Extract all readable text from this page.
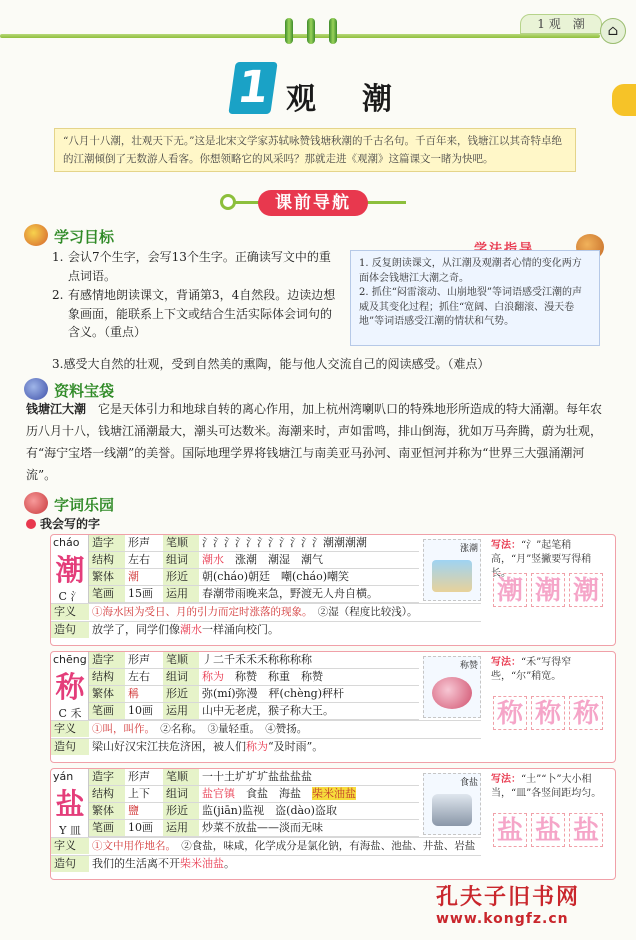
1 观　潮	⌂
1 观　潮
“八月十八潮，壮观天下无。”这是北宋文学家苏轼咏赞钱塘秋潮的千古名句。千百年来，钱塘江以其奇特卓绝的江潮倾倒了无数游人看客。你想领略它的风采吗？那就走进《观潮》这篇课文一睹为快吧。
课前导航
学习目标
1. 会认7个生字，会写13个生字。正确读写文中的重点词语。
2. 有感情地朗读课文，背诵第3，4自然段。边读边想象画面，能联系上下文或结合生活实际体会词句的含义。（重点）
3.感受大自然的壮观，受到自然美的熏陶，能与他人交流自己的阅读感受。（难点）
1. 反复朗读课文，从江潮及观潮者心情的变化两方面体会钱塘江大潮之奇。
2. 抓住“闷雷滚动、山崩地裂”等词语感受江潮的声威及其变化过程；抓住“宽阔、白浪翻滚、漫天卷地”等词语感受江潮的情状和气势。
资料宝袋
钱塘江大潮　 它是天体引力和地球自转的离心作用，加上杭州湾喇叭口的特殊地形所造成的特大涌潮。每年农历八月十八，钱塘江涌潮最大，潮头可达数米。海潮来时，声如雷鸣，排山倒海，犹如万马奔腾，蔚为壮观，有“海宁宝塔一线潮”的美誉。国际地理学界将钱塘江与南美亚马孙河、南亚恒河并称为“世界三大强涌潮河流”。
字词乐园
我会写的字
cháo
潮
C 氵
造字	形声	笔顺	氵氵氵氵氵氵氵氵氵氵氵潮潮潮潮
结构	左右	组词	潮水　 涨潮　 潮湿　 潮气
繁体	潮	形近	朝(cháo)朝廷　嘲(cháo)嘲笑
笔画	15画	运用	春潮带雨晚来急，野渡无人舟自横。
字义	①海水因为受日、月的引力而定时涨落的现象。　 ②湿（程度比较浅）。
造句	放学了，同学们像潮水一样涌向校门。
涨潮 写法：“氵”起笔稍高，“月”竖撇要写得稍长。
潮 潮 潮
chēng
称
C 禾
造字	形声	笔顺	丿二千禾禾禾称称称称
结构	左右	组词	称为　 称赞　 称重　 称赞
繁体	稱	形近	弥(mí)弥漫　秤(chèng)秤杆
笔画	10画	运用	山中无老虎，猴子称大王。
字义	①叫，叫作。　 ②名称。　 ③量轻重。　 ④赞扬。
造句	梁山好汉宋江扶危济困，被人们称为“及时雨”。
称赞 写法：“禾”写得窄些，“尔”稍宽。
称 称 称
yán
盐
Y 皿
造字	形声	笔顺	一十土圹圹圹盐盐盐盐
结构	上下	组词	盐官镇　 食盐　 海盐　 柴米油盐
繁体	鹽	形近	监(jiān)监视　盗(dào)盗取
笔画	10画	运用	炒菜不放盐——淡而无味
字义	①文中用作地名。　 ②食盐，味咸，化学成分是氯化钠，有海盐、池盐、井盐、岩盐
造句	我们的生活离不开柴米油盐。
食盐 写法：“土”“卜”大小相当，“皿”各竖间距均匀。
盐 盐 盐
孔夫子旧书网
www.kongfz.cn
